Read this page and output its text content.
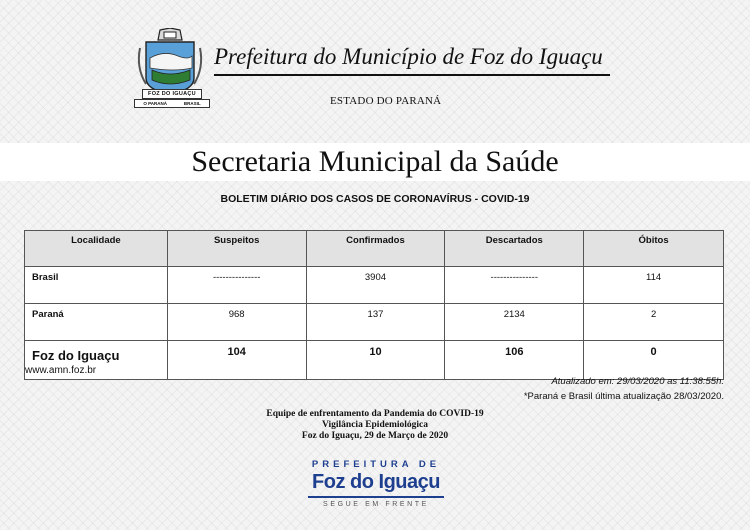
FOZ DO IGUAÇU
O PARANÁ	BRASIL
Prefeitura do Município de Foz do Iguaçu
ESTADO DO PARANÁ
Secretaria Municipal da Saúde
BOLETIM DIÁRIO DOS CASOS DE CORONAVÍRUS - COVID-19
Localidade	Suspeitos	Confirmados	Descartados	Óbitos
Brasil	---------------	3904	---------------	114
Paraná	968	137	2134	2
Foz do Iguaçu	104	10	106	0
www.amn.foz.br
Atualizado em: 29/03/2020 as 11:38:55h.
*Paraná e Brasil última atualização 28/03/2020.
Equipe de enfrentamento da Pandemia do COVID-19
Vigilância Epidemiológica
Foz do Iguaçu, 29 de Março de 2020
PREFEITURA DE
Foz do Iguaçu
SEGUE EM FRENTE
